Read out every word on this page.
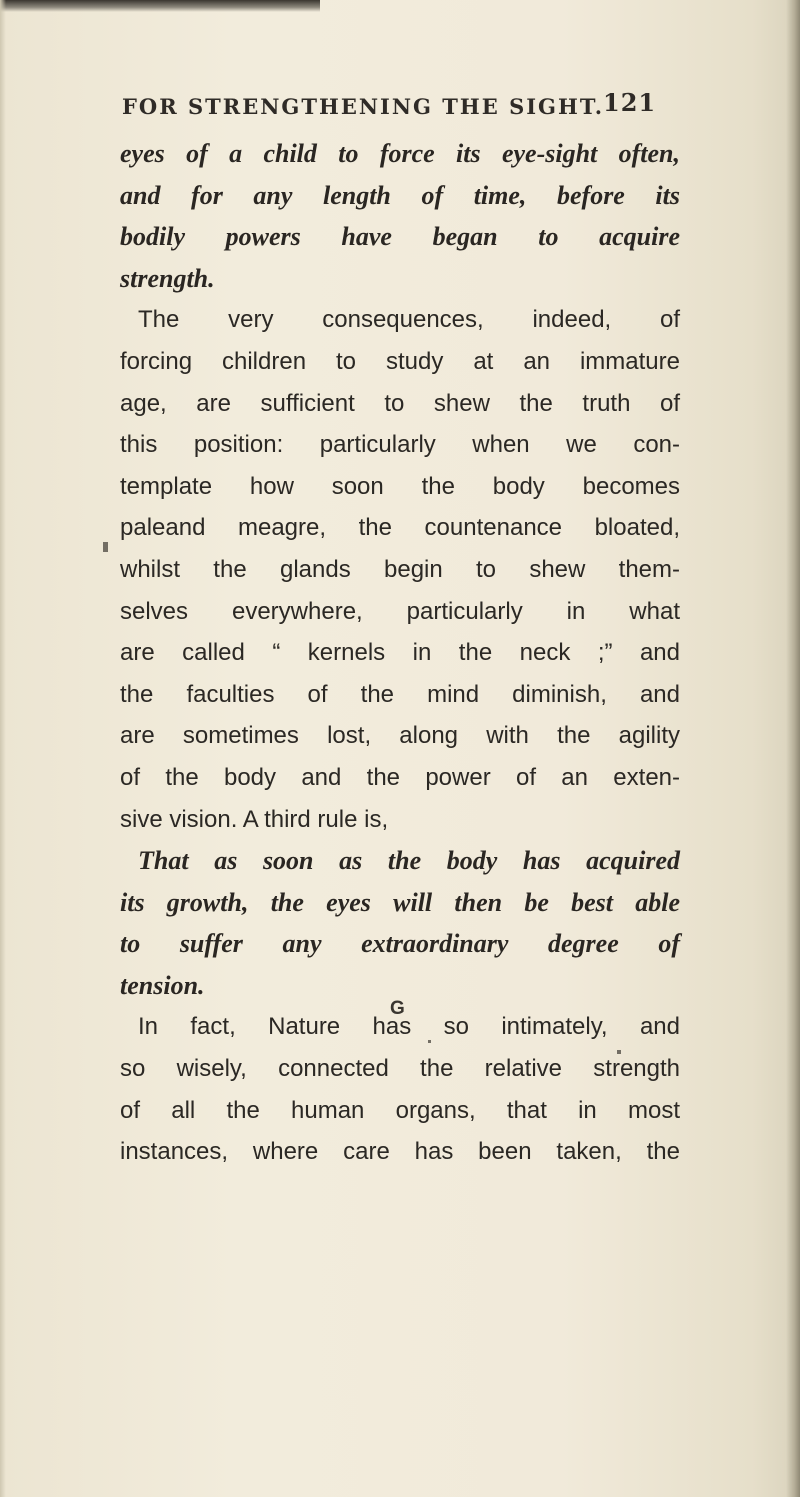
FOR STRENGTHENING THE SIGHT.
121
eyes of a child to force its eye-sight often,
and for any length of time, before its
bodily powers have began to acquire
strength.
The very consequences, indeed, of
forcing children to study at an immature
age, are sufficient to shew the truth of
this position: particularly when we con-
template how soon the body becomes
paleand meagre, the countenance bloated,
whilst the glands begin to shew them-
selves everywhere, particularly in what
are called “ kernels in the neck ;” and
the faculties of the mind diminish, and
are sometimes lost, along with the agility
of the body and the power of an exten-
sive vision. A third rule is,
That as soon as the body has acquired
its growth, the eyes will then be best able
to suffer any extraordinary degree of
tension.
In fact, Nature has so intimately, and
so wisely, connected the relative strength
of all the human organs, that in most
instances, where care has been taken, the
G
